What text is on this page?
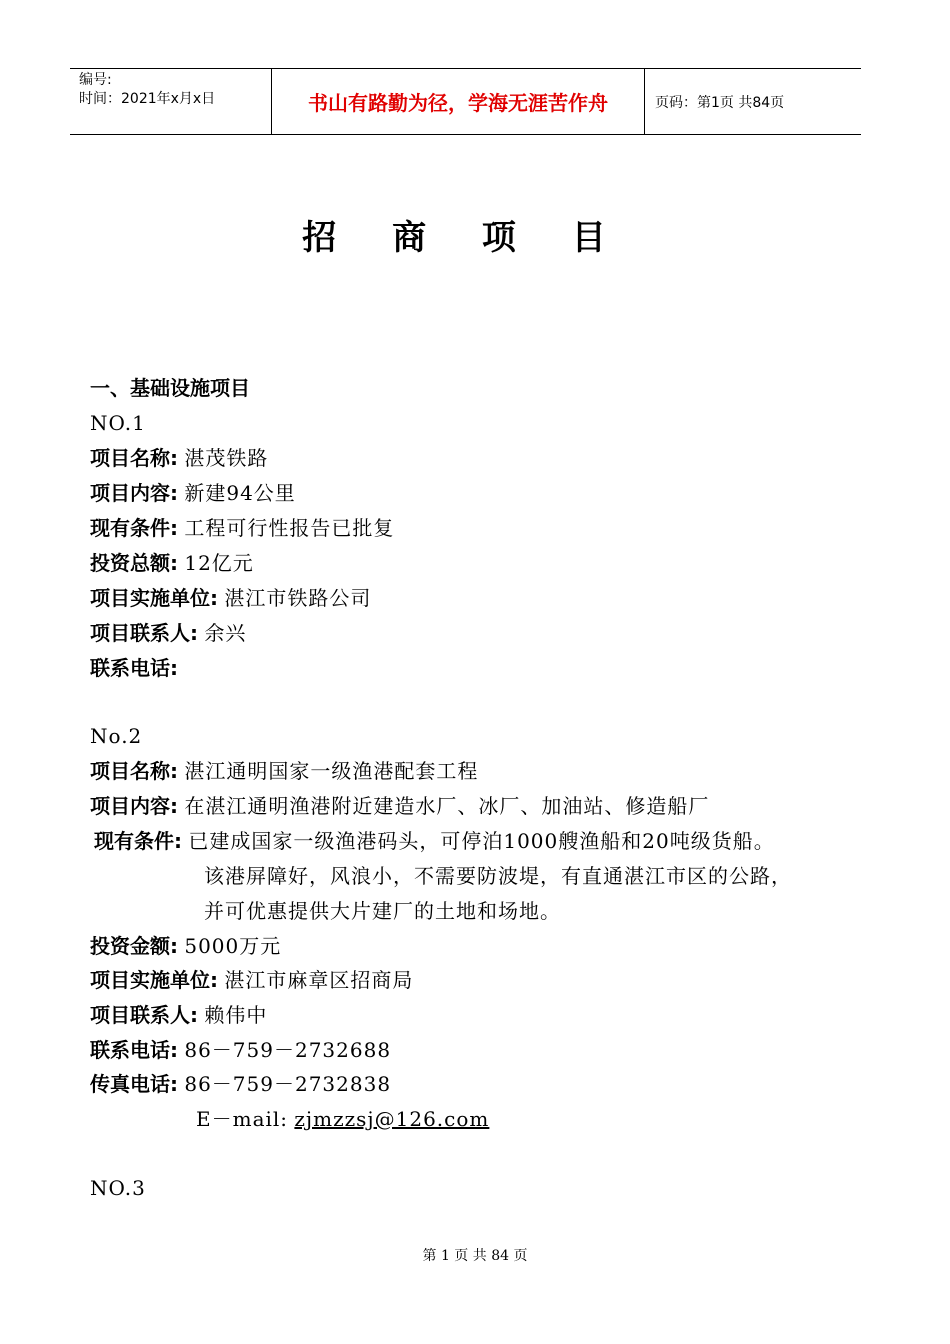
编号:
时间：2021年x月x日	书山有路勤为径，学海无涯苦作舟	页码：第1页 共84页
招 商 项 目
一、基础设施项目
NO.1
项目名称: 湛茂铁路
项目内容: 新建94公里
现有条件: 工程可行性报告已批复
投资总额: 12亿元
项目实施单位: 湛江市铁路公司
项目联系人: 余兴
联系电话:
No.2
项目名称: 湛江通明国家一级渔港配套工程
项目内容: 在湛江通明渔港附近建造水厂、冰厂、加油站、修造船厂
现有条件: 已建成国家一级渔港码头，可停泊1000艘渔船和20吨级货船。
该港屏障好，风浪小，不需要防波堤，有直通湛江市区的公路，
并可优惠提供大片建厂的土地和场地。
投资金额: 5000万元
项目实施单位: 湛江市麻章区招商局
项目联系人: 赖伟中
联系电话: 86－759－2732688
传真电话: 86－759－2732838
E－mail: zjmzzsj@126.com
NO.3
第 1 页 共 84 页
